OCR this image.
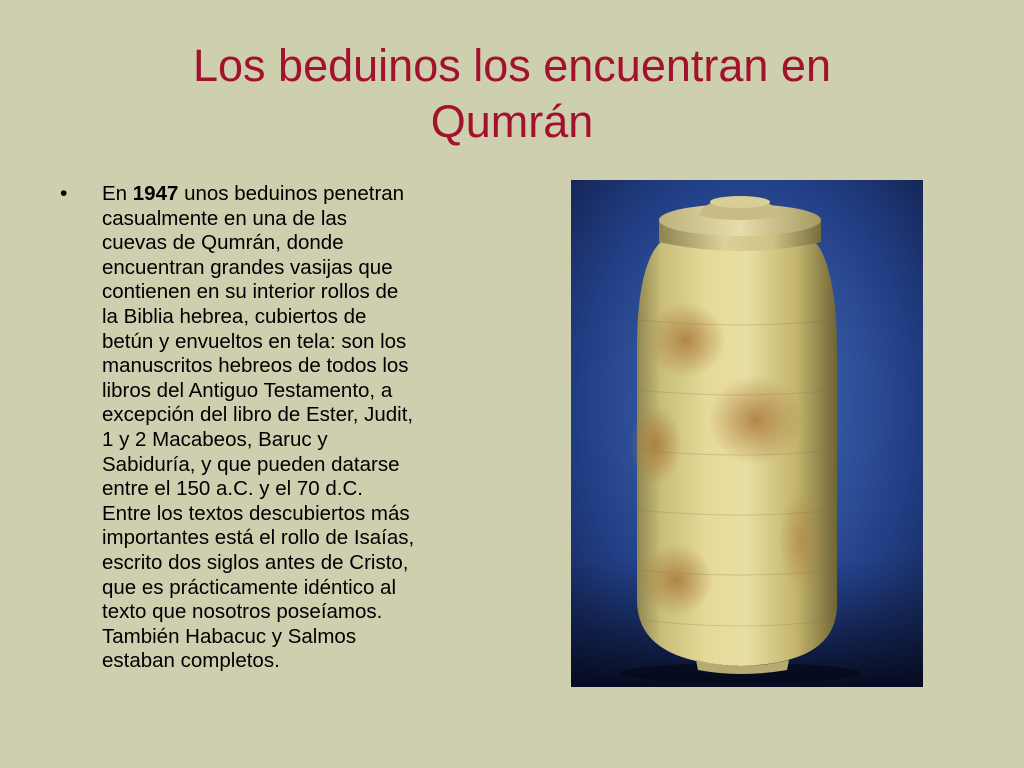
Los beduinos los encuentran en
Qumrán
• En 1947 unos beduinos penetran
casualmente en una de las
cuevas de Qumrán, donde
encuentran grandes vasijas que
contienen en su interior rollos de
la Biblia hebrea, cubiertos de
betún y envueltos en tela: son los
manuscritos hebreos de todos los
libros del Antiguo Testamento, a
excepción del libro de Ester, Judit,
1 y 2 Macabeos, Baruc y
Sabiduría, y que pueden datarse
entre el 150 a.C. y el 70 d.C.
Entre los textos descubiertos más
importantes está el rollo de Isaías,
escrito dos siglos antes de Cristo,
que es prácticamente idéntico al
texto que nosotros poseíamos.
También Habacuc y Salmos
estaban completos.
